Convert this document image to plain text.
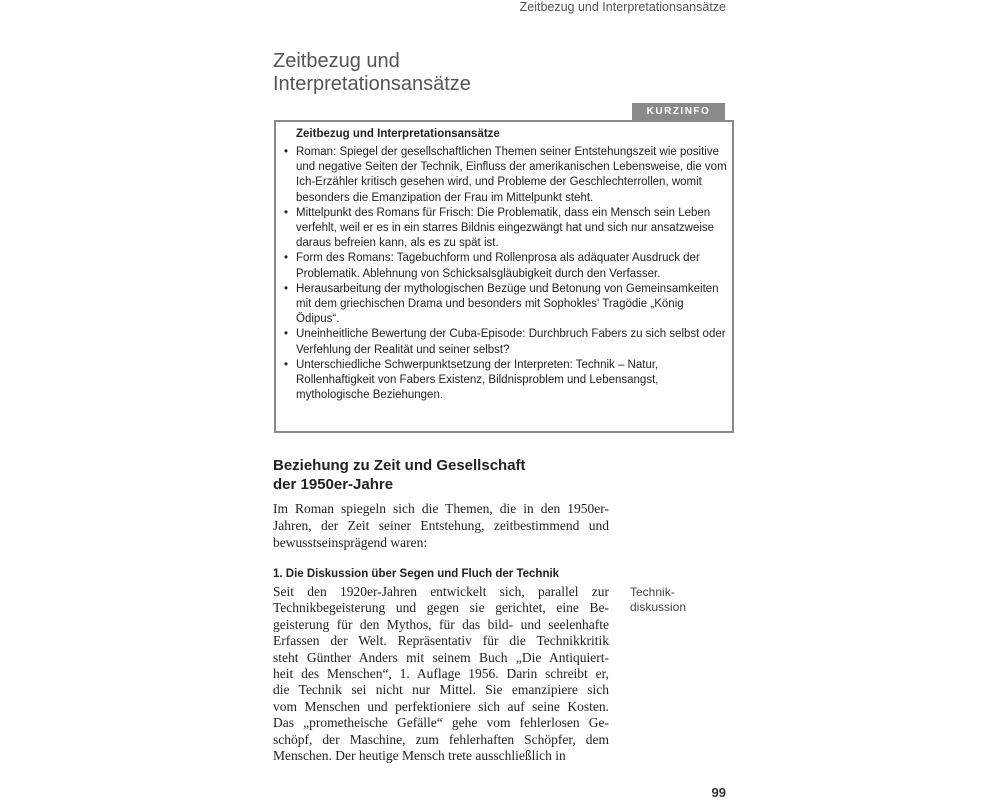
Zeitbezug und Interpretationsansätze
Zeitbezug und
Interpretationsansätze
KURZINFO
Zeitbezug und Interpretationsansätze
• Roman: Spiegel der gesellschaftlichen Themen seiner Entstehungszeit wie positive und negative Seiten der Technik, Einfluss der amerikanischen Lebensweise, die vom Ich-Erzähler kritisch gesehen wird, und Probleme der Geschlechterrollen, womit besonders die Emanzipation der Frau im Mittelpunkt steht.
• Mittelpunkt des Romans für Frisch: Die Problematik, dass ein Mensch sein Leben verfehlt, weil er es in ein starres Bildnis eingezwängt hat und sich nur ansatzweise daraus befreien kann, als es zu spät ist.
• Form des Romans: Tagebuchform und Rollenprosa als adäquater Ausdruck der Problematik. Ablehnung von Schicksalsgläubigkeit durch den Verfasser.
• Herausarbeitung der mythologischen Bezüge und Betonung von Gemeinsamkeiten mit dem griechischen Drama und besonders mit Sophokles' Tragödie „König Ödipus“.
• Uneinheitliche Bewertung der Cuba-Episode: Durchbruch Fabers zu sich selbst oder Verfehlung der Realität und seiner selbst?
• Unterschiedliche Schwerpunktsetzung der Interpreten: Technik – Natur, Rollenhaftigkeit von Fabers Existenz, Bildnisproblem und Lebensangst, mythologische Beziehungen.
Beziehung zu Zeit und Gesellschaft
der 1950er-Jahre

Im Roman spiegeln sich die Themen, die in den 1950er-Jahren, der Zeit seiner Entstehung, zeitbestimmend und bewusstseinsprägend waren:

1. Die Diskussion über Segen und Fluch der Technik

Seit den 1920er-Jahren entwickelt sich, parallel zur
Technikbegeisterung und gegen sie gerichtet, eine Be-
geisterung für den Mythos, für das bild- und seelenhafte
Erfassen der Welt. Repräsentativ für die Technikkritik
steht Günther Anders mit seinem Buch „Die Antiquiert-
heit des Menschen“, 1. Auflage 1956. Darin schreibt er,
die Technik sei nicht nur Mittel. Sie emanzipiere sich
vom Menschen und perfektioniere sich auf seine Kosten.
Das „prometheische Gefälle“ gehe vom fehlerlosen Ge-
schöpf, der Maschine, zum fehlerhaften Schöpfer, dem
Menschen. Der heutige Mensch trete ausschließlich in

Technik-
diskussion
99
